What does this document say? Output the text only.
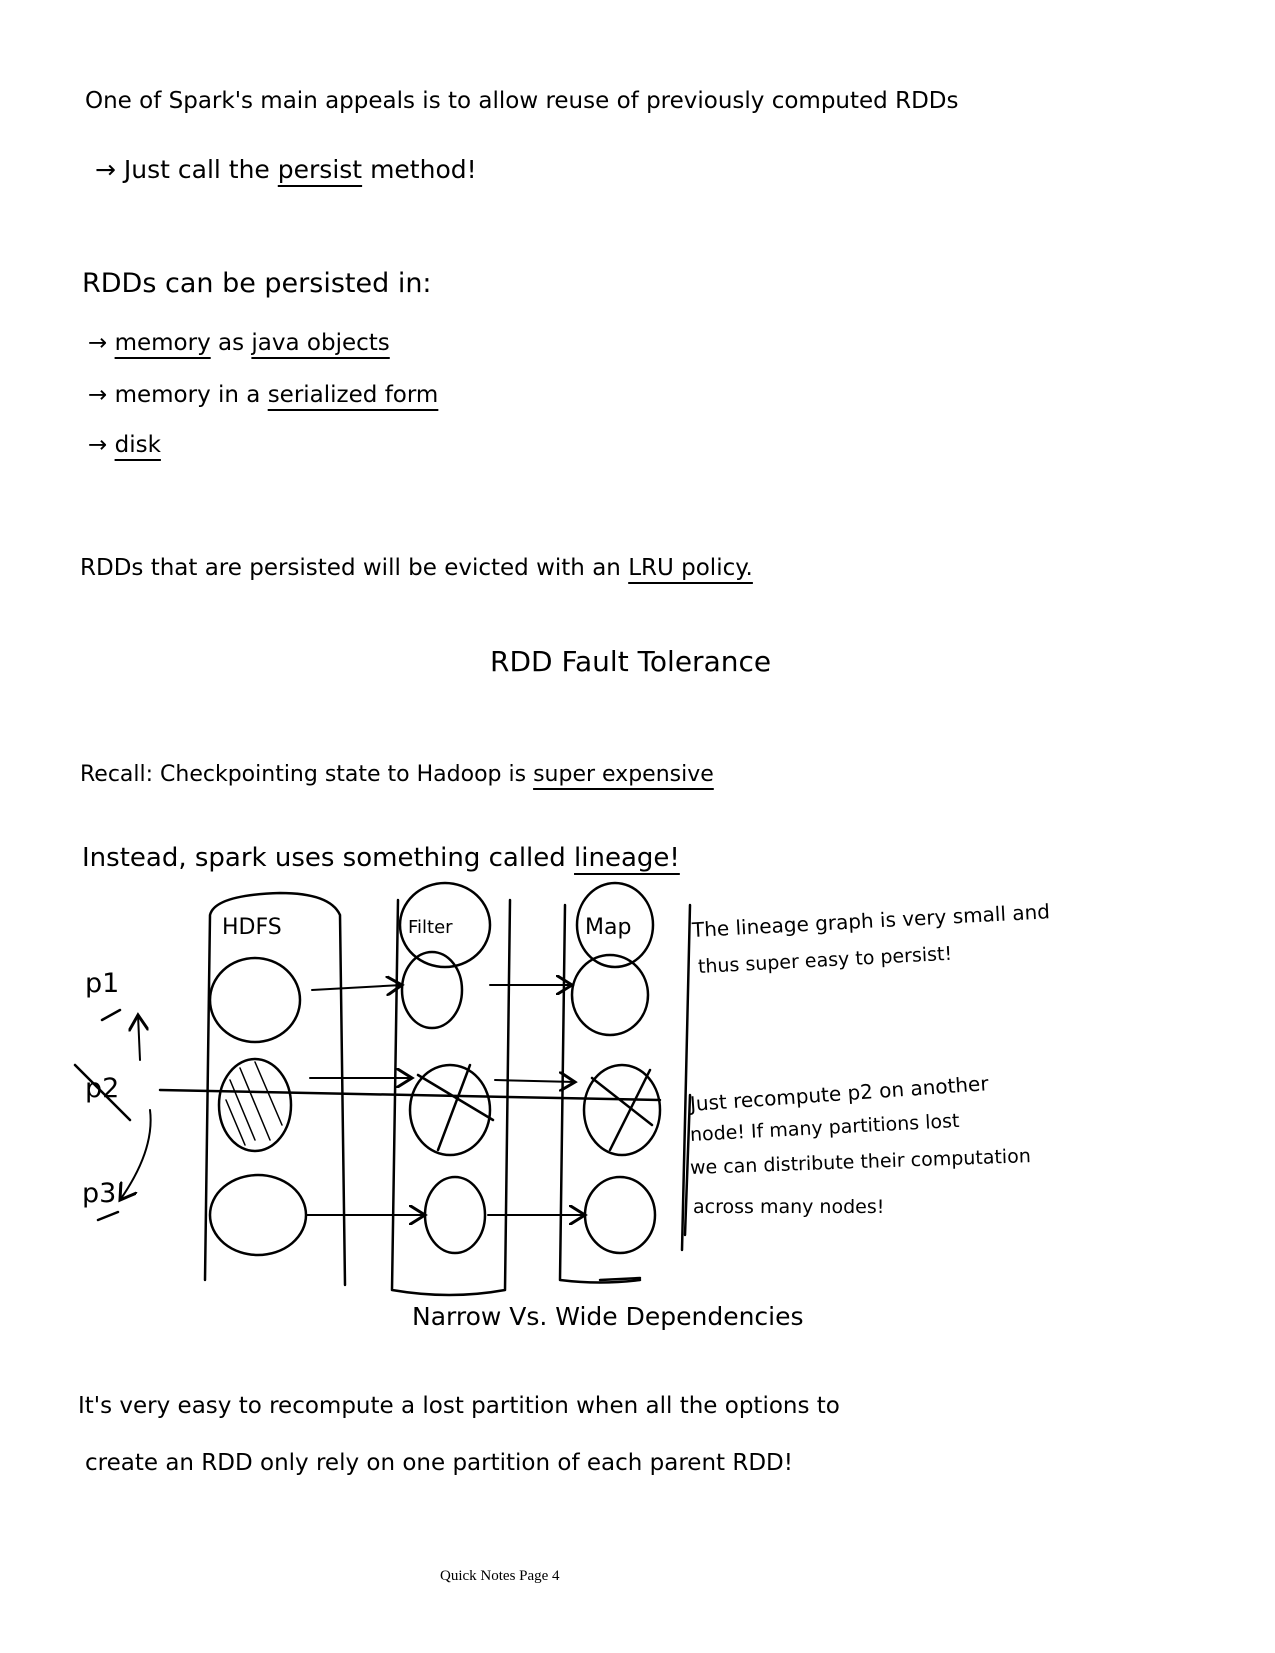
One of Spark's main appeals is to allow reuse of previously computed RDDs
→ Just call the persist method!
RDDs can be persisted in:
→ memory as java objects
→ memory in a serialized form
→ disk
RDDs that are persisted will be evicted with an LRU policy.
RDD Fault Tolerance
Recall: Checkpointing state to Hadoop is super expensive
Instead, spark uses something called lineage!
HDFS	Filter	Map
p1
p2
p3
The lineage graph is very small and
thus super easy to persist!
Just recompute p2 on another
node! If many partitions lost
we can distribute their computation
across many nodes!
Narrow Vs. Wide Dependencies
It's very easy to recompute a lost partition when all the options to
create an RDD only rely on one partition of each parent RDD!
Quick Notes Page 4
